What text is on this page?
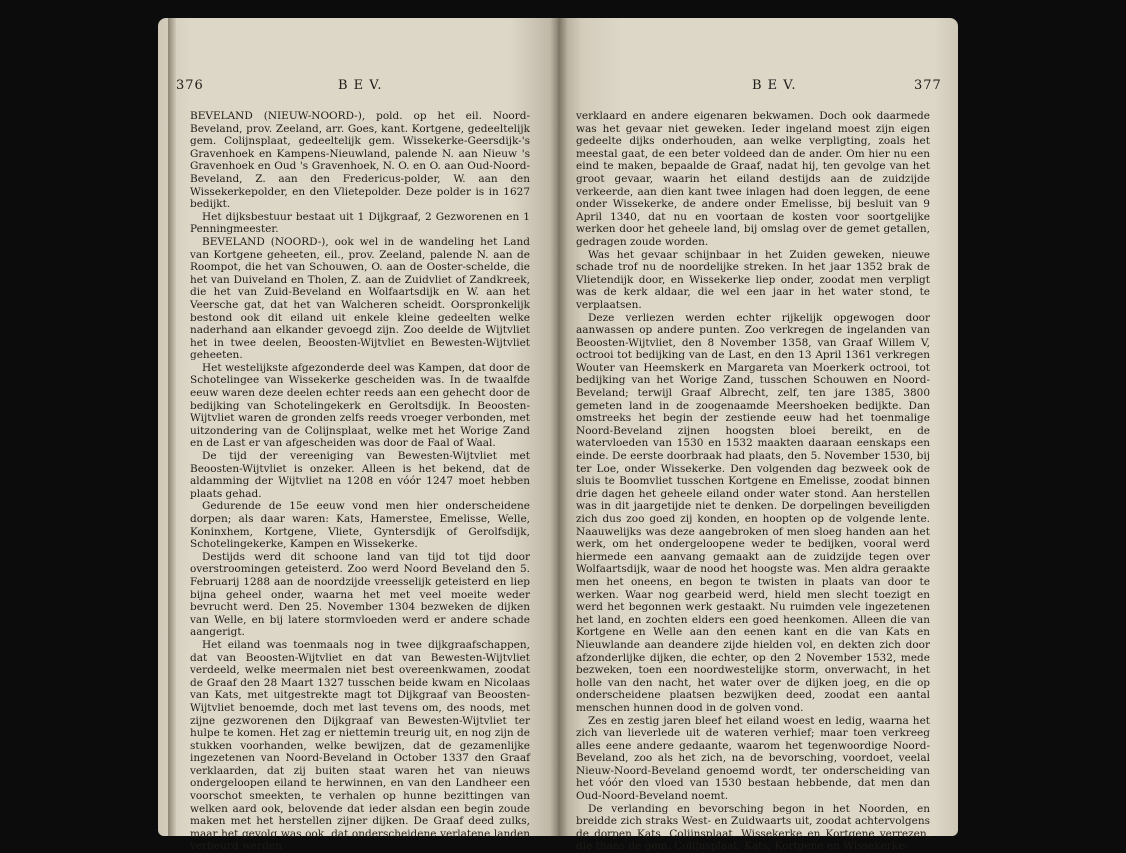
376	B E V.

BEVELAND (NIEUW-NOORD-), pold. op het eil. Noord-Beveland, prov. Zeeland, arr. Goes, kant. Kortgene, gedeeltelijk gem. Colijnsplaat, gedeeltelijk gem. Wissekerke-Geersdijk-'s Gravenhoek en Kampens-Nieuwland, palende N. aan Nieuw 's Gravenhoek en Oud 's Gravenhoek, N. O. en O. aan Oud-Noord-Beveland, Z. aan den Fredericus-polder, W. aan den Wissekerkepolder, en den Vlietepolder. Deze polder is in 1627 bedijkt.

Het dijksbestuur bestaat uit 1 Dijkgraaf, 2 Gezworenen en 1 Penningmeester.

BEVELAND (NOORD-), ook wel in de wandeling het Land van Kortgene geheeten, eil., prov. Zeeland, palende N. aan de Roompot, die het van Schouwen, O. aan de Ooster-schelde, die het van Duiveland en Tholen, Z. aan de Zuidvliet of Zandkreek, die het van Zuid-Beveland en Wolfaartsdijk en W. aan het Veersche gat, dat het van Walcheren scheidt. Oorspronkelijk bestond ook dit eiland uit enkele kleine gedeelten welke naderhand aan elkander gevoegd zijn. Zoo deelde de Wijtvliet het in twee deelen, Beoosten-Wijtvliet en Bewesten-Wijtvliet geheeten.

Het westelijkste afgezonderde deel was Kampen, dat door de Schotelingee van Wissekerke gescheiden was. In de twaalfde eeuw waren deze deelen echter reeds aan een gehecht door de bedijking van Schotelingekerk en Geroltsdijk. In Beoosten-Wijtvliet waren de gronden zelfs reeds vroeger verbonden, met uitzondering van de Colijnsplaat, welke met het Worige Zand en de Last er van afgescheiden was door de Faal of Waal.

De tijd der vereeniging van Bewesten-Wijtvliet met Beoosten-Wijtvliet is onzeker. Alleen is het bekend, dat de aldamming der Wijtvliet na 1208 en vóór 1247 moet hebben plaats gehad.

Gedurende de 15e eeuw vond men hier onderscheidene dorpen; als daar waren: Kats, Hamerstee, Emelisse, Welle, Koninxhem, Kortgene, Vliete, Gyntersdijk of Gerolfsdijk, Schotelingekerke, Kampen en Wissekerke.

Destijds werd dit schoone land van tijd tot tijd door overstroomingen geteisterd. Zoo werd Noord Beveland den 5. Februarij 1288 aan de noordzijde vreesselijk geteisterd en liep bijna geheel onder, waarna het met veel moeite weder bevrucht werd. Den 25. November 1304 bezweken de dijken van Welle, en bij latere stormvloeden werd er andere schade aangerigt.

Het eiland was toenmaals nog in twee dijkgraafschappen, dat van Beoosten-Wijtvliet en dat van Bewesten-Wijtvliet verdeeld, welke meermalen niet best overeenkwamen, zoodat de Graaf den 28 Maart 1327 tusschen beide kwam en Nicolaas van Kats, met uitgestrekte magt tot Dijkgraaf van Beoosten-Wijtvliet benoemde, doch met last tevens om, des noods, met zijne gezworenen den Dijkgraaf van Bewesten-Wijtvliet ter hulpe te komen. Het zag er niettemin treurig uit, en nog zijn de stukken voorhanden, welke bewijzen, dat de gezamenlijke ingezetenen van Noord-Beveland in October 1337 den Graaf verklaarden, dat zij buiten staat waren het van nieuws ondergeloopen eiland te herwinnen, en van den Landheer een voorschot smeekten, te verhalen op hunne bezittingen van welken aard ook, belovende dat ieder alsdan een begin zoude maken met het herstellen zijner dijken. De Graaf deed zulks, maar het gevolg was ook, dat onderscheidene verlatene landen verbeurd werden

B E V.	377

verklaard en andere eigenaren bekwamen. Doch ook daarmede was het gevaar niet geweken. Ieder ingeland moest zijn eigen gedeelte dijks onderhouden, aan welke verpligting, zoals het meestal gaat, de een beter voldeed dan de ander. Om hier nu een eind te maken, bepaalde de Graaf, nadat hij, ten gevolge van het groot gevaar, waarin het eiland destijds aan de zuidzijde verkeerde, aan dien kant twee inlagen had doen leggen, de eene onder Wissekerke, de andere onder Emelisse, bij besluit van 9 April 1340, dat nu en voortaan de kosten voor soortgelijke werken door het geheele land, bij omslag over de gemet getallen, gedragen zoude worden.

Was het gevaar schijnbaar in het Zuiden geweken, nieuwe schade trof nu de noordelijke streken. In het jaar 1352 brak de Vlietendijk door, en Wissekerke liep onder, zoodat men verpligt was de kerk aldaar, die wel een jaar in het water stond, te verplaatsen.

Deze verliezen werden echter rijkelijk opgewogen door aanwassen op andere punten. Zoo verkregen de ingelanden van Beoosten-Wijtvliet, den 8 November 1358, van Graaf Willem V, octrooi tot bedijking van de Last, en den 13 April 1361 verkregen Wouter van Heemskerk en Margareta van Moerkerk octrooi, tot bedijking van het Worige Zand, tusschen Schouwen en Noord-Beveland; terwijl Graaf Albrecht, zelf, ten jare 1385, 3800 gemeten land in de zoogenaamde Meershoeken bedijkte. Dan omstreeks het begin der zestiende eeuw had het toenmalige Noord-Beveland zijnen hoogsten bloei bereikt, en de watervloeden van 1530 en 1532 maakten daaraan eenskaps een einde. De eerste doorbraak had plaats, den 5. November 1530, bij ter Loe, onder Wissekerke. Den volgenden dag bezweek ook de sluis te Boomvliet tusschen Kortgene en Emelisse, zoodat binnen drie dagen het geheele eiland onder water stond. Aan herstellen was in dit jaargetijde niet te denken. De dorpelingen beveiligden zich dus zoo goed zij konden, en hoopten op de volgende lente. Naauwelijks was deze aangebroken of men sloeg handen aan het werk, om het ondergeloopene weder te bedijken, vooral werd hiermede een aanvang gemaakt aan de zuidzijde tegen over Wolfaartsdijk, waar de nood het hoogste was. Men aldra geraakte men het oneens, en begon te twisten in plaats van door te werken. Waar nog gearbeid werd, hield men slecht toezigt en werd het begonnen werk gestaakt. Nu ruimden vele ingezetenen het land, en zochten elders een goed heenkomen. Alleen die van Kortgene en Welle aan den eenen kant en die van Kats en Nieuwlande aan deandere zijde hielden vol, en dekten zich door afzonderlijke dijken, die echter, op den 2 November 1532, mede bezweken, toen een noordwestelijke storm, onverwacht, in het holle van den nacht, het water over de dijken joeg, en die op onderscheidene plaatsen bezwijken deed, zoodat een aantal menschen hunnen dood in de golven vond.

Zes en zestig jaren bleef het eiland woest en ledig, waarna het zich van lieverlede uit de wateren verhief; maar toen verkreeg alles eene andere gedaante, waarom het tegenwoordige Noord-Beveland, zoo als het zich, na de bevorsching, voordoet, veelal Nieuw-Noord-Beveland genoemd wordt, ter onderscheiding van het vóór den vloed van 1530 bestaan hebbende, dat men dan Oud-Noord-Beveland noemt.

De verlanding en bevorsching begon in het Noorden, en breidde zich straks West- en Zuidwaarts uit, zoodat achtervolgens de dorpen Kats, Colijnsplaat, Wissekerke en Kortgene verrezen, die thans de gem. Colijnsplaat, Kats, Kortgene en Wissekerke-
